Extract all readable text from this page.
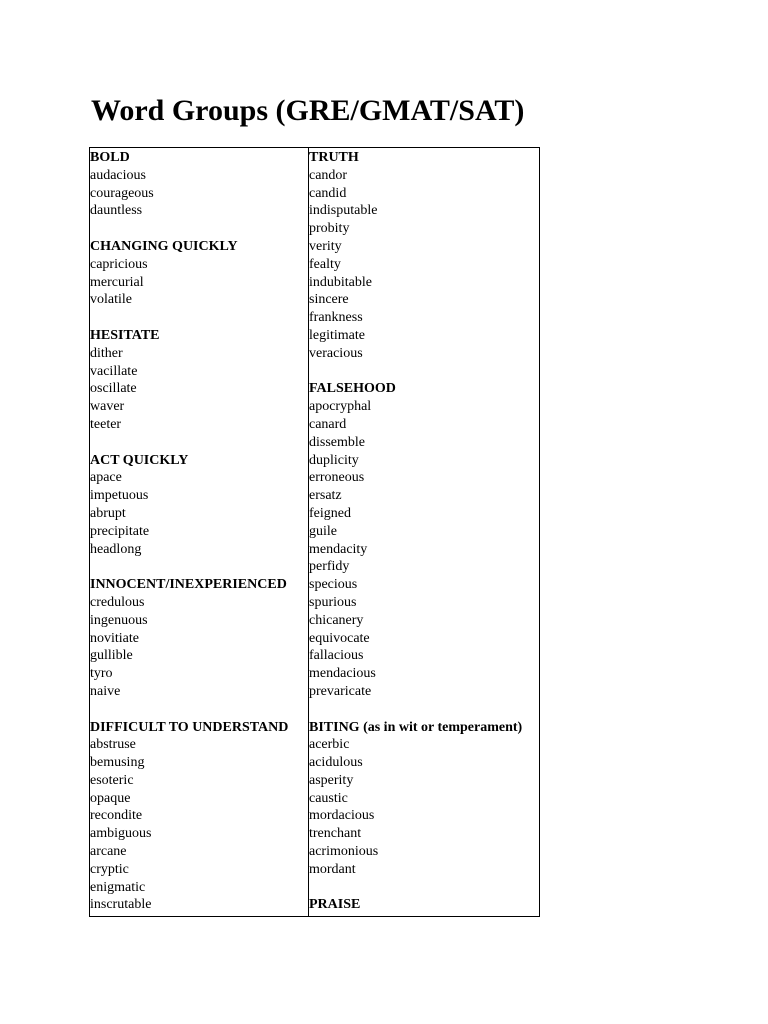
Word Groups (GRE/GMAT/SAT)
BOLD
audacious
courageous
dauntless
CHANGING QUICKLY
capricious
mercurial
volatile
HESITATE
dither
vacillate
oscillate
waver
teeter
ACT QUICKLY
apace
impetuous
abrupt
precipitate
headlong
INNOCENT/INEXPERIENCED
credulous
ingenuous
novitiate
gullible
tyro
naive
DIFFICULT TO UNDERSTAND
abstruse
bemusing
esoteric
opaque
recondite
ambiguous
arcane
cryptic
enigmatic
inscrutable
TRUTH
candor
candid
indisputable
probity
verity
fealty
indubitable
sincere
frankness
legitimate
veracious
FALSEHOOD
apocryphal
canard
dissemble
duplicity
erroneous
ersatz
feigned
guile
mendacity
perfidy
specious
spurious
chicanery
equivocate
fallacious
mendacious
prevaricate
BITING (as in wit or temperament)
acerbic
acidulous
asperity
caustic
mordacious
trenchant
acrimonious
mordant
PRAISE
